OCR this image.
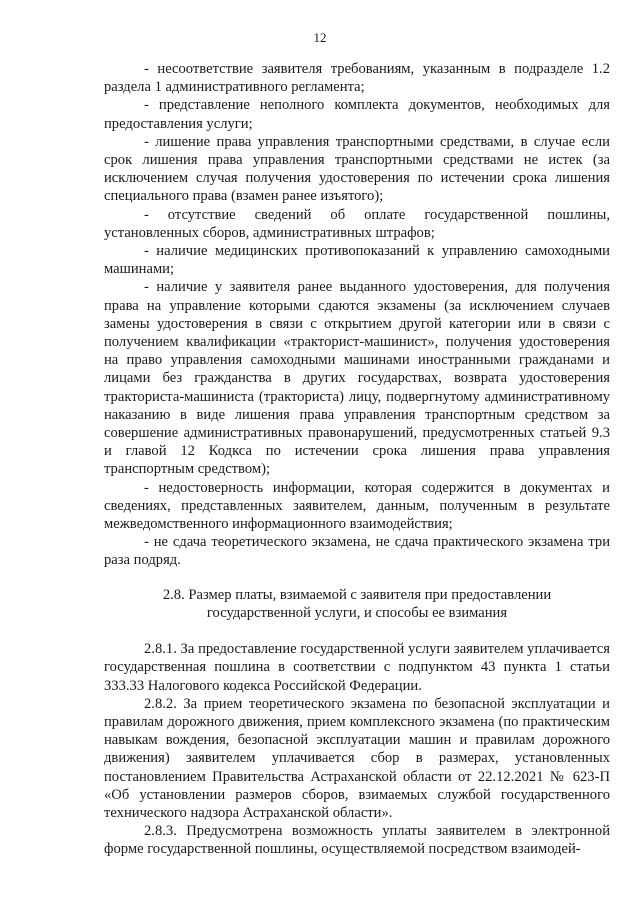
12

- несоответствие заявителя требованиям, указанным в подразделе 1.2 раздела 1 административного регламента;

- представление неполного комплекта документов, необходимых для предоставления услуги;

- лишение права управления транспортными средствами, в случае если срок лишения права управления транспортными средствами не истек (за исключением случая получения удостоверения по истечении срока лишения специального права (взамен ранее изъятого);

- отсутствие сведений об оплате государственной пошлины, установленных сборов, административных штрафов;

- наличие медицинских противопоказаний к управлению самоходными машинами;

- наличие у заявителя ранее выданного удостоверения, для получения права на управление которыми сдаются экзамены (за исключением случаев замены удостоверения в связи с открытием другой категории или в связи с получением квалификации «тракторист-машинист», получения удостоверения на право управления самоходными машинами иностранными гражданами и лицами без гражданства в других государствах, возврата удостоверения тракториста-машиниста (тракториста) лицу, подвергнутому административному наказанию в виде лишения права управления транспортным средством за совершение административных правонарушений, предусмотренных статьей 9.3 и главой 12 Кодкса по истечении срока лишения права управления транспортным средством);

- недостоверность информации, которая содержится в документах и сведениях, представленных заявителем, данным, полученным в результате межведомственного информационного взаимодействия;

- не сдача теоретического экзамена, не сдача практического экзамена три раза подряд.

2.8. Размер платы, взимаемой с заявителя при предоставлении государственной услуги, и способы ее взимания

2.8.1. За предоставление государственной услуги заявителем уплачивается государственная пошлина в соответствии с подпунктом 43 пункта 1 статьи 333.33 Налогового кодекса Российской Федерации.

2.8.2. За прием теоретического экзамена по безопасной эксплуатации и правилам дорожного движения, прием комплексного экзамена (по практическим навыкам вождения, безопасной эксплуатации машин и правилам дорожного движения) заявителем уплачивается сбор в размерах, установленных постановлением Правительства Астраханской области от 22.12.2021 № 623-П «Об установлении размеров сборов, взимаемых службой государственного технического надзора Астраханской области».

2.8.3. Предусмотрена возможность уплаты заявителем в электронной форме государственной пошлины, осуществляемой посредством взаимодей-
